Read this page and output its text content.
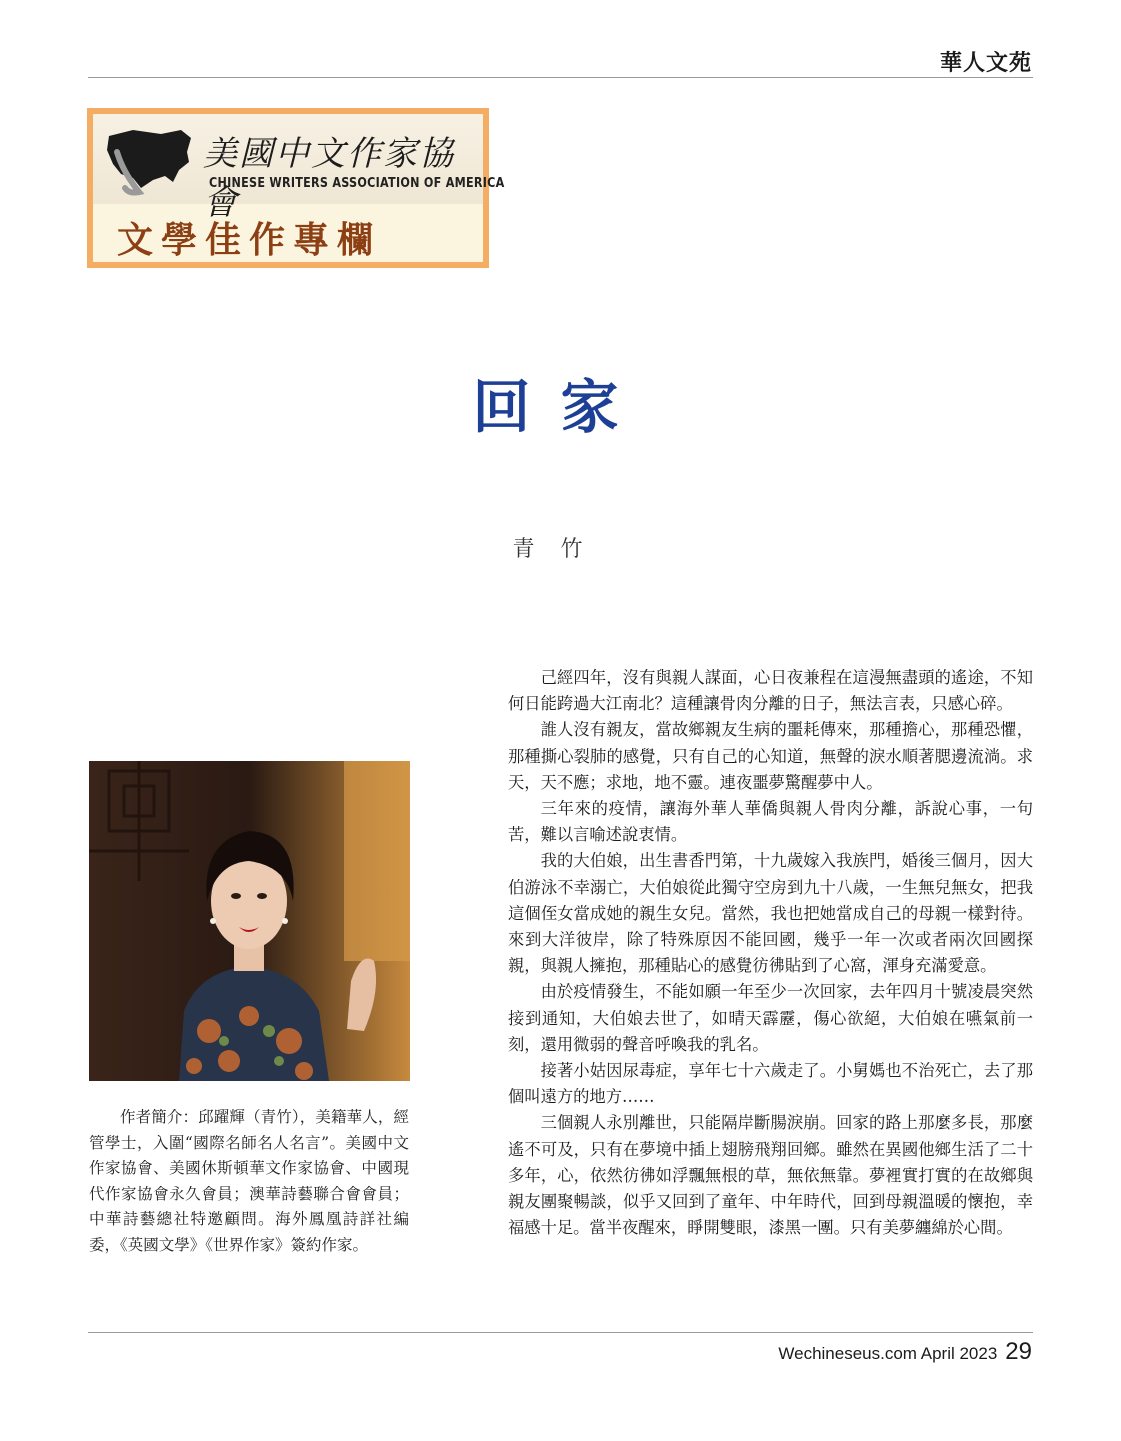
華人文苑
美國中文作家協會
CHINESE WRITERS ASSOCIATION OF AMERICA
文學佳作專欄
回家
青竹
作者簡介：邱躍輝（青竹），美籍華人，經管學士，入圍“國際名師名人名言”。美國中文作家協會、美國休斯頓華文作家協會、中國現代作家協會永久會員；澳華詩藝聯合會會員；中華詩藝總社特邀顧問。海外鳳凰詩詳社編委，《英國文學》《世界作家》簽約作家。

己經四年，沒有與親人謀面，心日夜兼程在這漫無盡頭的遙途，不知何日能跨過大江南北？這種讓骨肉分離的日子，無法言表，只感心碎。

誰人沒有親友，當故鄉親友生病的噩耗傳來，那種擔心，那種恐懼，那種撕心裂肺的感覺，只有自己的心知道，無聲的淚水順著腮邊流淌。求天，天不應；求地，地不靈。連夜噩夢驚醒夢中人。

三年來的疫情，讓海外華人華僑與親人骨肉分離，訴說心事，一句苦，難以言喻述說衷情。

我的大伯娘，出生書香門第，十九歲嫁入我族門，婚後三個月，因大伯游泳不幸溺亡，大伯娘從此獨守空房到九十八歲，一生無兒無女，把我這個侄女當成她的親生女兒。當然，我也把她當成自己的母親一樣對待。來到大洋彼岸，除了特殊原因不能回國，幾乎一年一次或者兩次回國探親，與親人擁抱，那種貼心的感覺彷彿貼到了心窩，渾身充滿愛意。

由於疫情發生，不能如願一年至少一次回家，去年四月十號凌晨突然接到通知，大伯娘去世了，如晴天霹靂，傷心欲絕，大伯娘在嚥氣前一刻，還用微弱的聲音呼喚我的乳名。

接著小姑因尿毒症，享年七十六歲走了。小舅媽也不治死亡，去了那個叫遠方的地方……

三個親人永別離世，只能隔岸斷腸淚崩。回家的路上那麼多長，那麼遙不可及，只有在夢境中插上翅膀飛翔回鄉。雖然在異國他鄉生活了二十多年，心，依然彷彿如浮飄無根的草，無依無靠。夢裡實打實的在故鄉與親友團聚暢談，似乎又回到了童年、中年時代，回到母親溫暖的懷抱，幸福感十足。當半夜醒來，睜開雙眼，漆黑一團。只有美夢纏綿於心間。

Wechineseus.com April 2023 29
